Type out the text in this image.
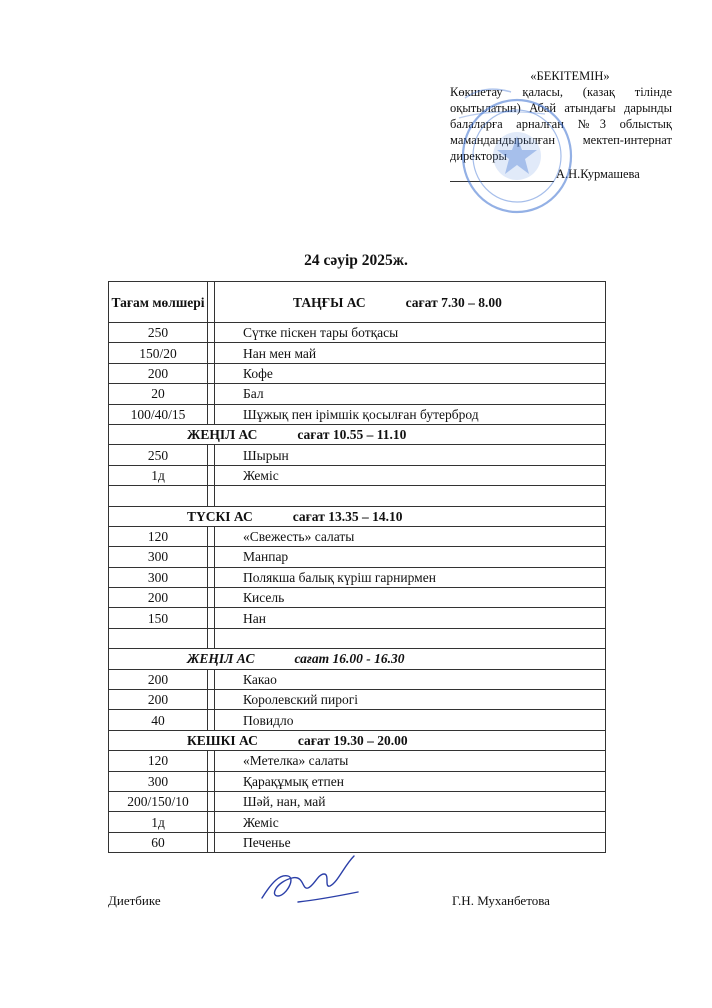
«БЕКІТЕМІН»
Көкшетау қаласы, (казақ тілінде оқытылатын) Абай атындағы дарынды балаларға арналған №3 облыстық мамандандырылған мектеп-интернат директоры
А.Н.Курмашева
24 сәуір 2025ж.
Тағам мөлшері		ТАҢҒЫ АС сағат 7.30 – 8.00
250		Сүтке піскен тары ботқасы
150/20		Нан мен май
200		Кофе
20		Бал
100/40/15		Шұжық пен ірімшік қосылған бутерброд
ЖЕҢІЛ АС сағат 10.55 – 11.10		
250		Шырын
1д		Жеміс

ТҮСКІ АС сағат 13.35 – 14.10		
120		«Свежесть» салаты
300		Манпар
300		Полякша балық күріш гарнирмен
200		Кисель
150		Нан

ЖЕҢІЛ АС сағат 16.00 - 16.30		
200		Какао
200		Королевский пирогі
40		Повидло
КЕШКІ АС сағат 19.30 – 20.00		
120		«Метелка» салаты
300		Қарақұмық етпен
200/150/10		Шәй, нан, май
1д		Жеміс
60		Печенье
Диетбике	Г.Н. Муханбетова
